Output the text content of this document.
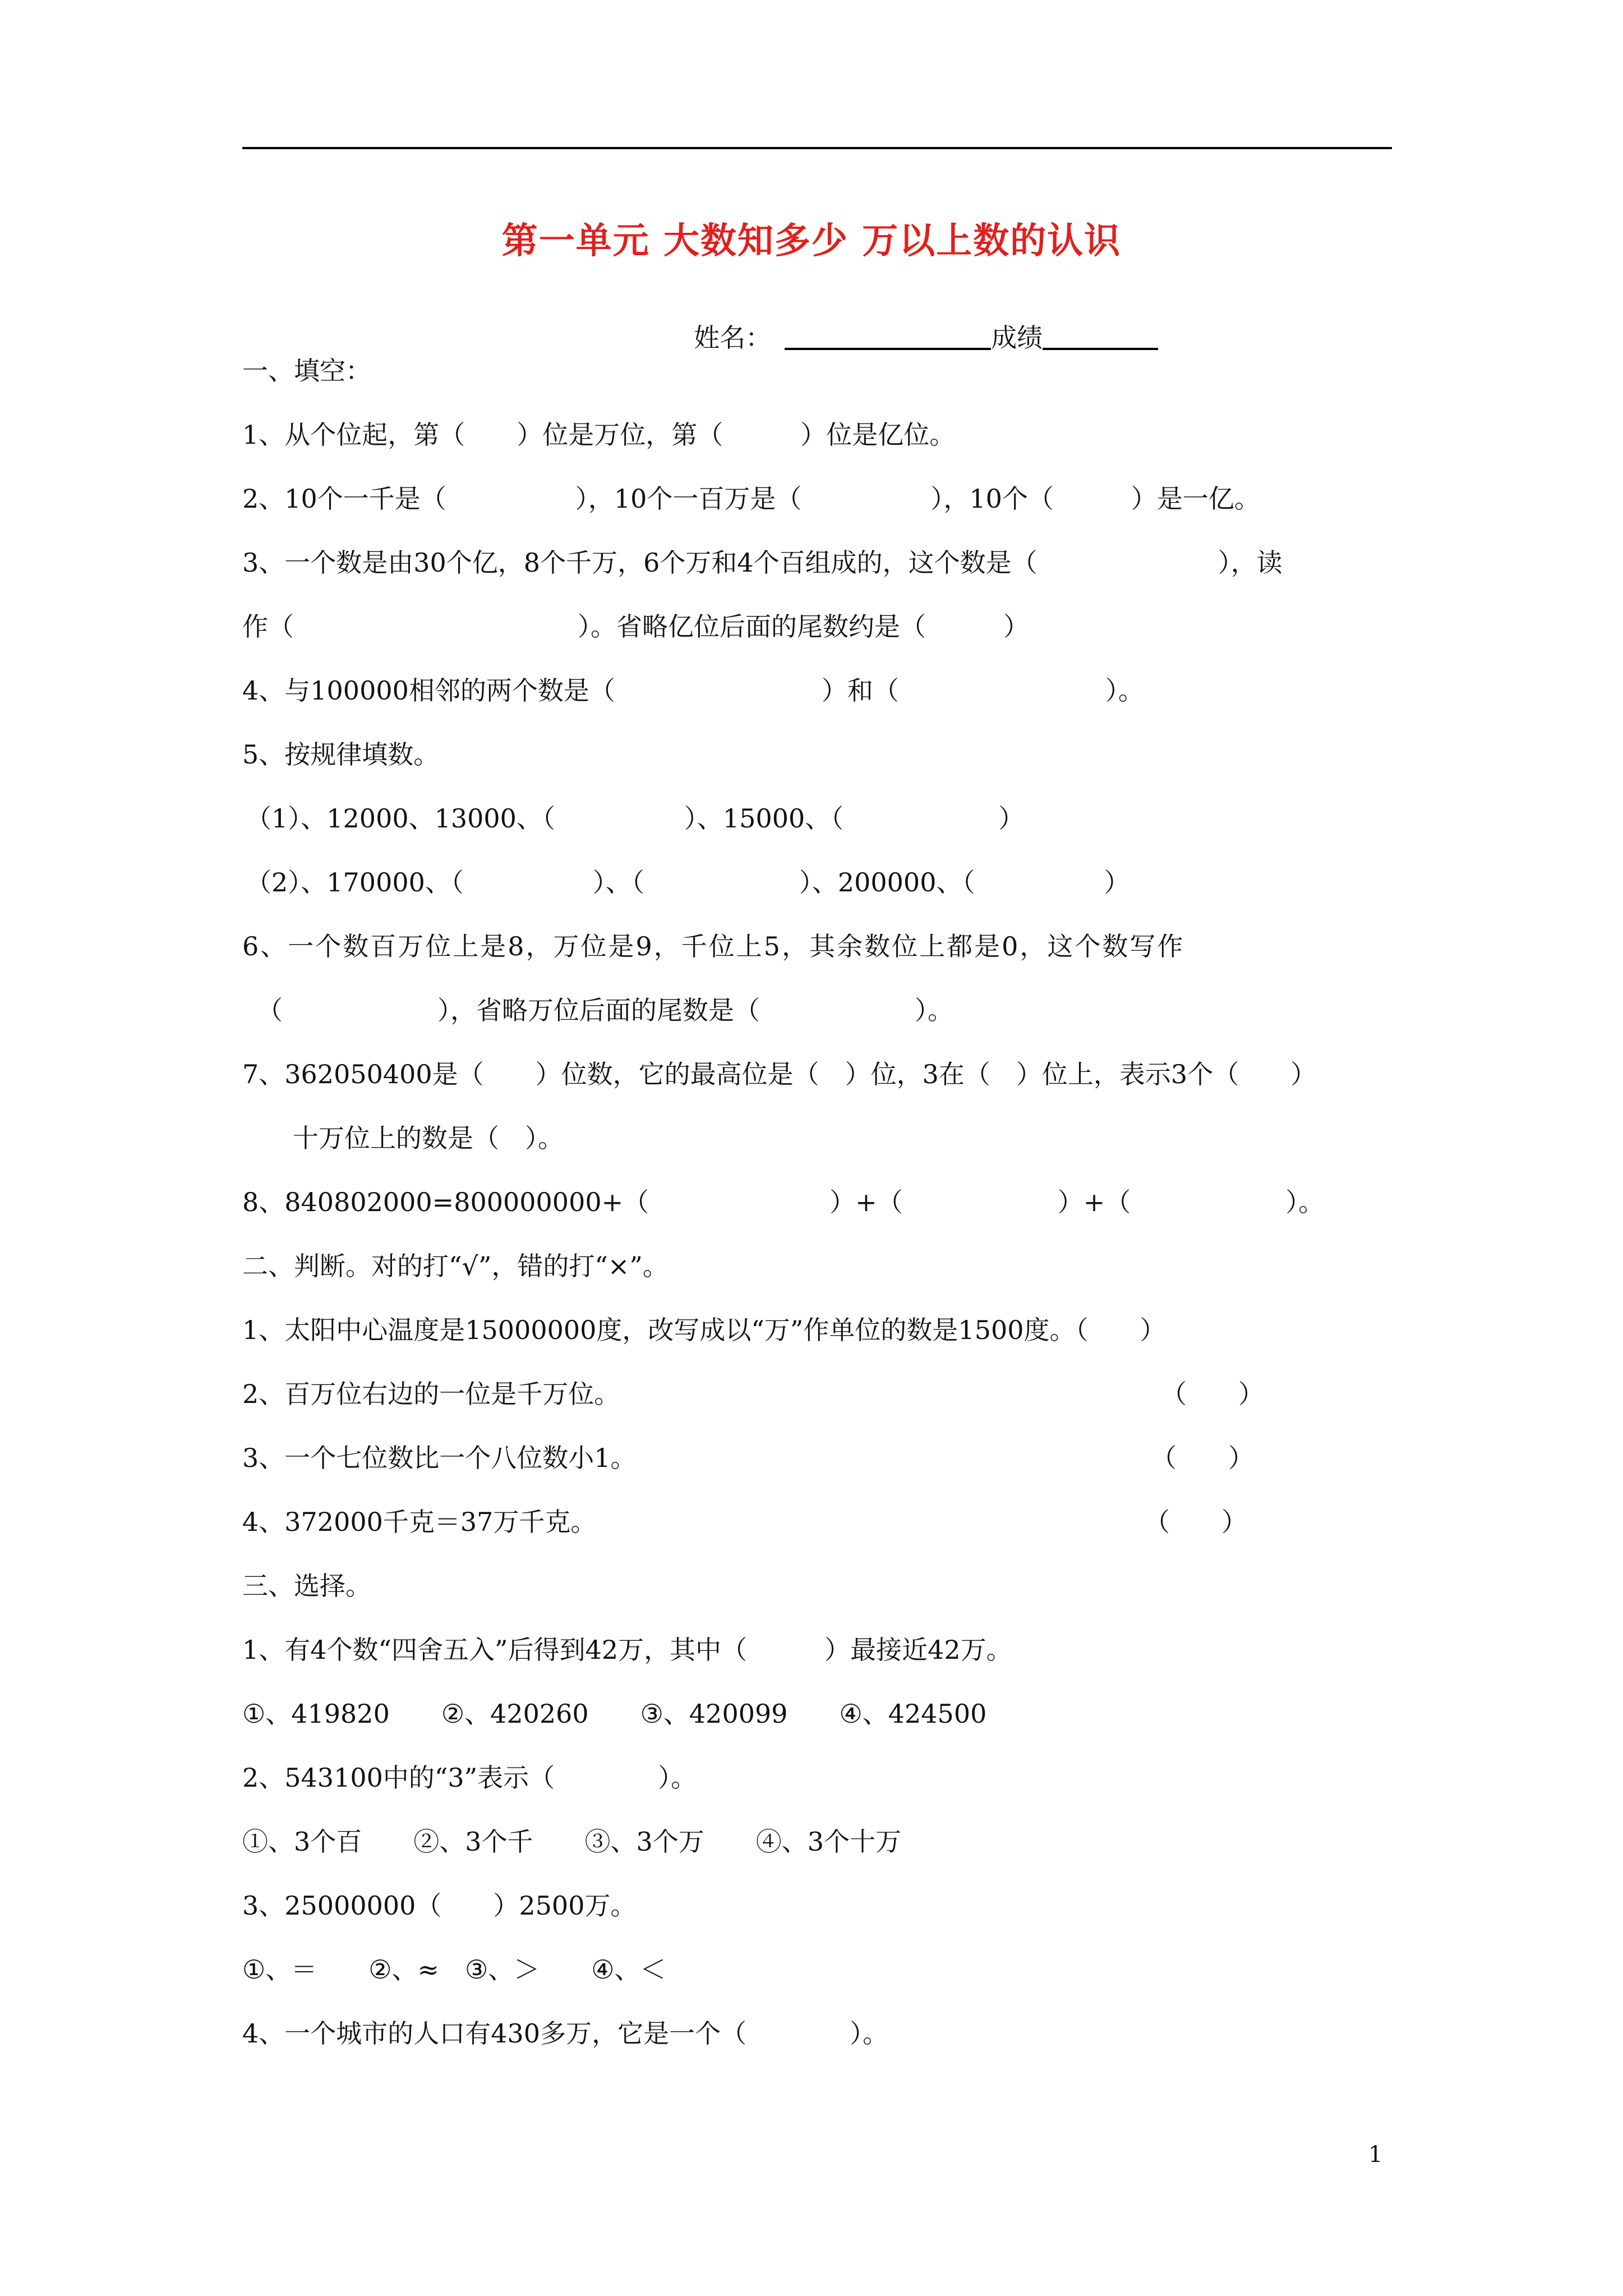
第一单元 大数知多少 万以上数的认识

姓名：	成绩

一、填空：
1、从个位起，第（　　）位是万位，第（　　　）位是亿位。
2、10个一千是（　　　　　），10个一百万是（　　　　　），10个（　　　）是一亿。
3、一个数是由30个亿，8个千万，6个万和4个百组成的，这个数是（　　　　　　　），读
作（　　　　　　　　　　　）。省略亿位后面的尾数约是（　　　）
4、与100000相邻的两个数是（　　　　　　　　）和（　　　　　　　　）。
5、按规律填数。
（1）、12000、13000、（　　　　　）、15000、（　　　　　　）
（2）、170000、（　　　　　）、（　　　　　　）、200000、（　　　　　）
6、一个数百万位上是8，万位是9，千位上5，其余数位上都是0，这个数写作
（　　　　　　），省略万位后面的尾数是（　　　　　　）。
7、362050400是（　　）位数，它的最高位是（　）位，3在（　）位上，表示3个（　　）
十万位上的数是（　）。
8、840802000=800000000+（　　　　　　　）+（　　　　　　）+（　　　　　　）。
二、判断。对的打“√”，错的打“×”。
1、太阳中心温度是15000000度，改写成以“万”作单位的数是1500度。（　　）
2、百万位右边的一位是千万位。	（　　）
3、一个七位数比一个八位数小1。	（　　）
4、372000千克＝37万千克。	（　　）
三、选择。
1、有4个数“四舍五入”后得到42万，其中（　　　）最接近42万。
①、419820　　②、420260　　③、420099　　④、424500
2、543100中的“3”表示（　　　　）。
①、3个百　　②、3个千　　③、3个万　　④、3个十万
3、25000000（　　）2500万。
①、＝　　②、≈　③、＞　　④、＜
4、一个城市的人口有430多万，它是一个（　　　　）。
1
